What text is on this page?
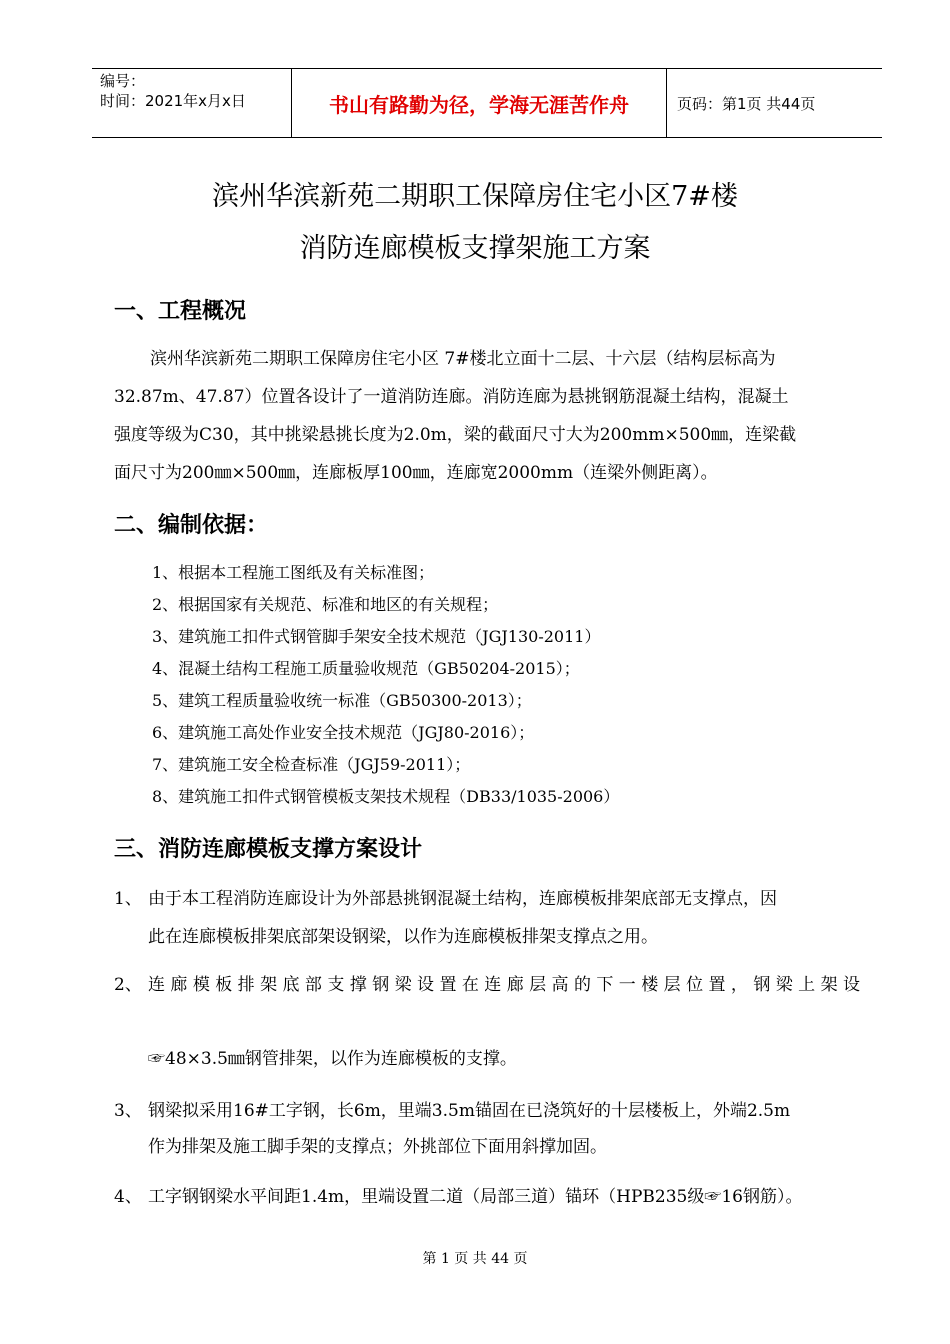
编号：
时间：2021年x月x日	书山有路勤为径，学海无涯苦作舟	页码：第1页 共44页
滨州华滨新苑二期职工保障房住宅小区7#楼
消防连廊模板支撑架施工方案
一、工程概况
滨州华滨新苑二期职工保障房住宅小区 7#楼北立面十二层、十六层（结构层标高为
32.87m、47.87）位置各设计了一道消防连廊。消防连廊为悬挑钢筋混凝土结构，混凝土
强度等级为C30，其中挑梁悬挑长度为2.0m，梁的截面尺寸大为200mm×500㎜，连梁截
面尺寸为200㎜×500㎜，连廊板厚100㎜，连廊宽2000mm（连梁外侧距离）。
二、编制依据：
1、根据本工程施工图纸及有关标准图；
2、根据国家有关规范、标准和地区的有关规程；
3、建筑施工扣件式钢管脚手架安全技术规范（JGJ130-2011）
4、混凝土结构工程施工质量验收规范（GB50204-2015）；
5、建筑工程质量验收统一标准（GB50300-2013）；
6、建筑施工高处作业安全技术规范（JGJ80-2016）；
7、建筑施工安全检查标准（JGJ59-2011）；
8、建筑施工扣件式钢管模板支架技术规程（DB33/1035-2006）
三、消防连廊模板支撑方案设计
1、 由于本工程消防连廊设计为外部悬挑钢混凝土结构，连廊模板排架底部无支撑点，因
此在连廊模板排架底部架设钢梁，以作为连廊模板排架支撑点之用。
2、 连廊模板排架底部支撑钢梁设置在连廊层高的下一楼层位置，钢梁上架设
☞48×3.5㎜钢管排架，以作为连廊模板的支撑。
3、 钢梁拟采用16#工字钢，长6m，里端3.5m锚固在已浇筑好的十层楼板上，外端2.5m
作为排架及施工脚手架的支撑点；外挑部位下面用斜撑加固。
4、 工字钢钢梁水平间距1.4m，里端设置二道（局部三道）锚环（HPB235级☞16钢筋）。
第 1 页 共 44 页
